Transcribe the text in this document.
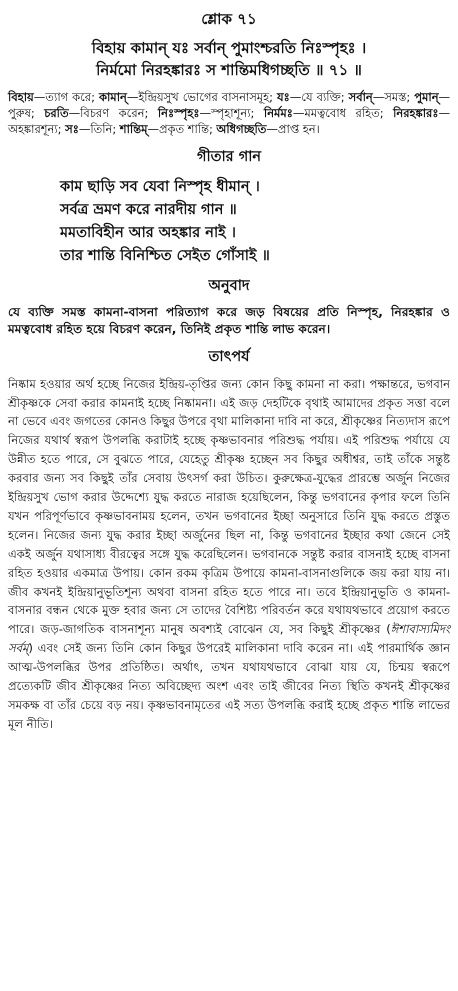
শ্লোক ৭১
বিহায় কামান্‌ যঃ সর্বান্‌ পুমাংশ্চরতি নিঃস্পৃহঃ ।
নির্মমো নিরহঙ্কারঃ স শান্তিমধিগচ্ছতি ॥ ৭১ ॥
বিহায়—ত্যাগ করে; কামান্‌—ইন্দ্রিয়সুখ ভোগের বাসনাসমূহ; যঃ—যে ব্যক্তি; সর্বান্‌—সমস্ত; পুমান্‌—পুরুষ; চরতি—বিচরণ করেন; নিঃস্পৃহঃ—স্পৃহাশূন্য; নির্মমঃ—মমত্ববোধ রহিত; নিরহঙ্কারঃ—অহঙ্কারশূন্য; সঃ—তিনি; শান্তিম্‌—প্রকৃত শান্তি; অধিগচ্ছতি—প্রাপ্ত হন।
গীতার গান
কাম ছাড়ি সব যেবা নিস্পৃহ ধীমান্‌ ।
সর্বত্র ভ্রমণ করে নারদীয় গান ॥
মমতাবিহীন আর অহঙ্কার নাই ।
তার শান্তি বিনিশ্চিত সেইত গোঁসাই ॥
অনুবাদ
যে ব্যক্তি সমস্ত কামনা-বাসনা পরিত্যাগ করে জড় বিষয়ের প্রতি নিস্পৃহ, নিরহঙ্কার ও মমত্ববোধ রহিত হয়ে বিচরণ করেন, তিনিই প্রকৃত শান্তি লাভ করেন।
তাৎপর্য

নিষ্কাম হওয়ার অর্থ হচ্ছে নিজের ইন্দ্রিয়-তৃপ্তির জন্য কোন কিছু কামনা না করা। পক্ষান্তরে, ভগবান শ্রীকৃষ্ণকে সেবা করার কামনাই হচ্ছে নিষ্কামনা। এই জড় দেহটিকে বৃথাই আমাদের প্রকৃত সত্তা বলে না ভেবে এবং জগতের কোনও কিছুর উপরে বৃথা মালিকানা দাবি না করে, শ্রীকৃষ্ণের নিত্যদাস রূপে নিজের যথার্থ স্বরূপ উপলব্ধি করাটাই হচ্ছে কৃষ্ণভাবনার পরিশুদ্ধ পর্যায়। এই পরিশুদ্ধ পর্যায়ে যে উন্নীত হতে পারে, সে বুঝতে পারে, যেহেতু শ্রীকৃষ্ণ হচ্ছেন সব কিছুর অধীশ্বর, তাই তাঁকে সন্তুষ্ট করবার জন্য সব কিছুই তাঁর সেবায় উৎসর্গ করা উচিত। কুরুক্ষেত্র-যুদ্ধের প্রারম্ভে অর্জুন নিজের ইন্দ্রিয়সুখ ভোগ করার উদ্দেশ্যে যুদ্ধ করতে নারাজ হয়েছিলেন, কিন্তু ভগবানের কৃপার ফলে তিনি যখন পরিপূর্ণভাবে কৃষ্ণভাবনাময় হলেন, তখন ভগবানের ইচ্ছা অনুসারে তিনি যুদ্ধ করতে প্রস্তুত হলেন। নিজের জন্য যুদ্ধ করার ইচ্ছা অর্জুনের ছিল না, কিন্তু ভগবানের ইচ্ছার কথা জেনে সেই একই অর্জুন যথাসাধ্য বীরত্বের সঙ্গে যুদ্ধ করেছিলেন। ভগবানকে সন্তুষ্ট করার বাসনাই হচ্ছে বাসনা রহিত হওয়ার একমাত্র উপায়। কোন রকম কৃত্রিম উপায়ে কামনা-বাসনাগুলিকে জয় করা যায় না। জীব কখনই ইন্দ্রিয়ানুভূতিশূন্য অথবা বাসনা রহিত হতে পারে না। তবে ইন্দ্রিয়ানুভূতি ও কামনা-বাসনার বন্ধন থেকে মুক্ত হবার জন্য সে তাদের বৈশিষ্ট্য পরিবর্তন করে যথাযথভাবে প্রয়োগ করতে পারে। জড়-জাগতিক বাসনাশূন্য মানুষ অবশ্যই বোঝেন যে, সব কিছুই শ্রীকৃষ্ণের (ঈশাবাস্যমিদং সর্বম্‌) এবং সেই জন্য তিনি কোন কিছুর উপরেই মালিকানা দাবি করেন না। এই পারমার্থিক জ্ঞান আত্ম-উপলব্ধির উপর প্রতিষ্ঠিত। অর্থাৎ, তখন যথাযথভাবে বোঝা যায় যে, চিন্ময় স্বরূপে প্রত্যেকটি জীব শ্রীকৃষ্ণের নিত্য অবিচ্ছেদ্য অংশ এবং তাই জীবের নিত্য স্থিতি কখনই শ্রীকৃষ্ণের সমকক্ষ বা তাঁর চেয়ে বড় নয়। কৃষ্ণভাবনামৃতের এই সত্য উপলব্ধি করাই হচ্ছে প্রকৃত শান্তি লাভের মূল নীতি।
